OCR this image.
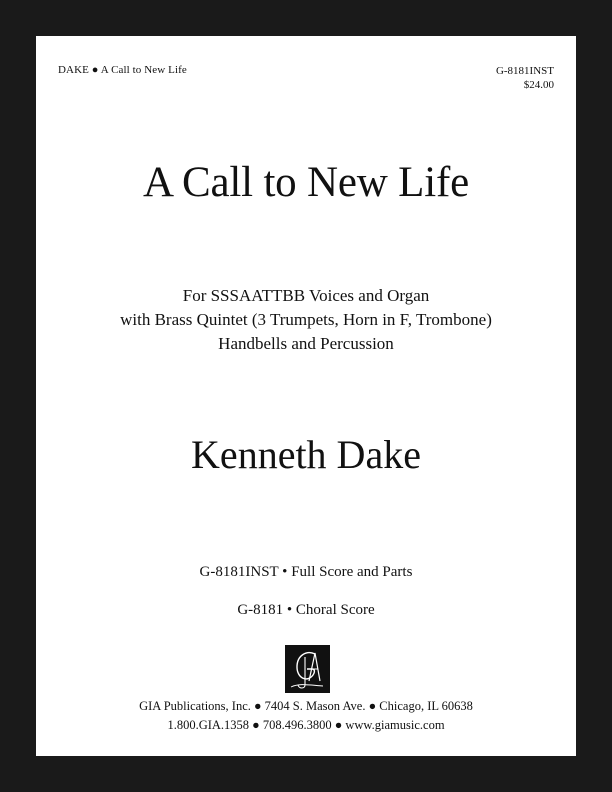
DAKE ● A Call to New Life	G-8181INST
$24.00
A Call to New Life
For SSSAATTBB Voices and Organ
with Brass Quintet (3 Trumpets, Horn in F, Trombone)
Handbells and Percussion
Kenneth Dake
G-8181INST • Full Score and Parts
G-8181 • Choral Score
GIA Publications, Inc. ● 7404 S. Mason Ave. ● Chicago, IL 60638
1.800.GIA.1358 ● 708.496.3800 ● www.giamusic.com
